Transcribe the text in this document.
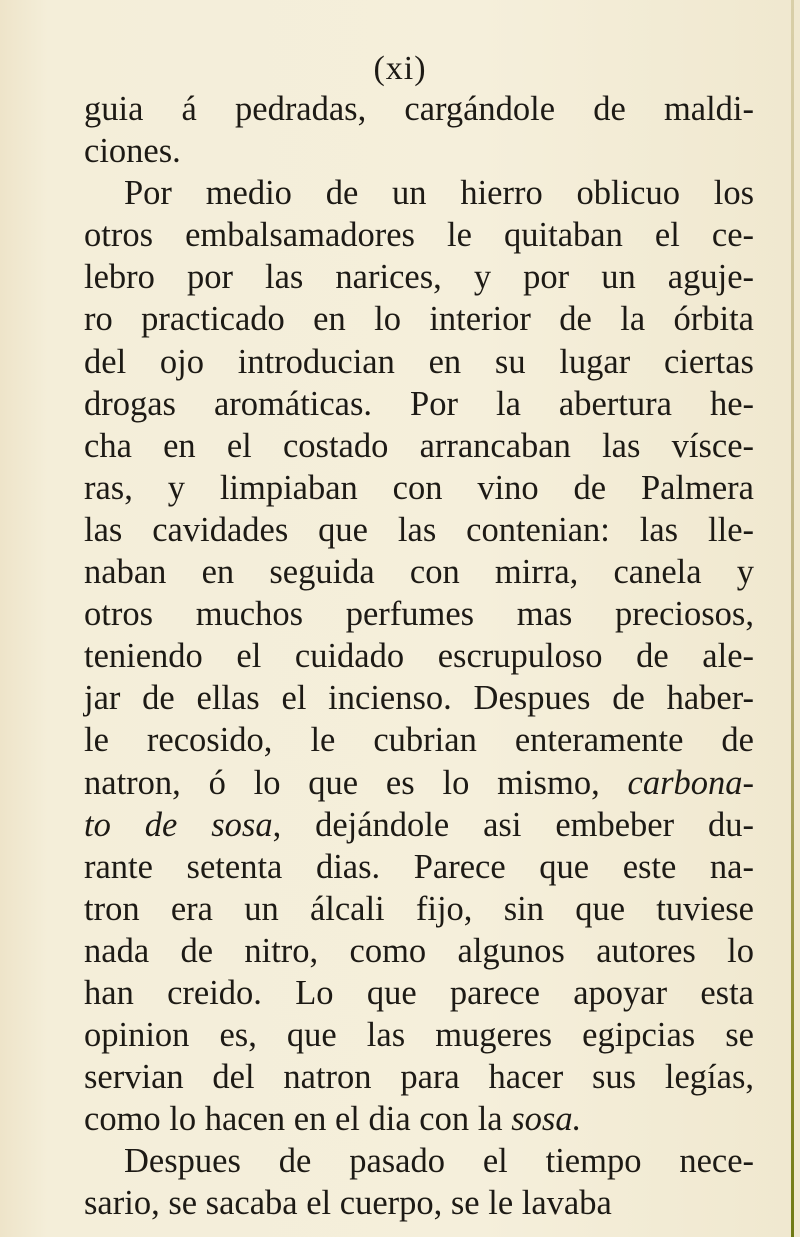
(xi)
guia á pedradas, cargándole de maldi-
ciones.
Por medio de un hierro oblicuo los
otros embalsamadores le quitaban el ce-
lebro por las narices, y por un aguje-
ro practicado en lo interior de la órbita
del ojo introducian en su lugar ciertas
drogas aromáticas. Por la abertura he-
cha en el costado arrancaban las vísce-
ras, y limpiaban con vino de Palmera
las cavidades que las contenian: las lle-
naban en seguida con mirra, canela y
otros muchos perfumes mas preciosos,
teniendo el cuidado escrupuloso de ale-
jar de ellas el incienso. Despues de haber-
le recosido, le cubrian enteramente de
natron, ó lo que es lo mismo, carbona-
to de sosa, dejándole asi embeber du-
rante setenta dias. Parece que este na-
tron era un álcali fijo, sin que tuviese
nada de nitro, como algunos autores lo
han creido. Lo que parece apoyar esta
opinion es, que las mugeres egipcias se
servian del natron para hacer sus legías,
como lo hacen en el dia con la sosa.
Despues de pasado el tiempo nece-
sario, se sacaba el cuerpo, se le lavaba
